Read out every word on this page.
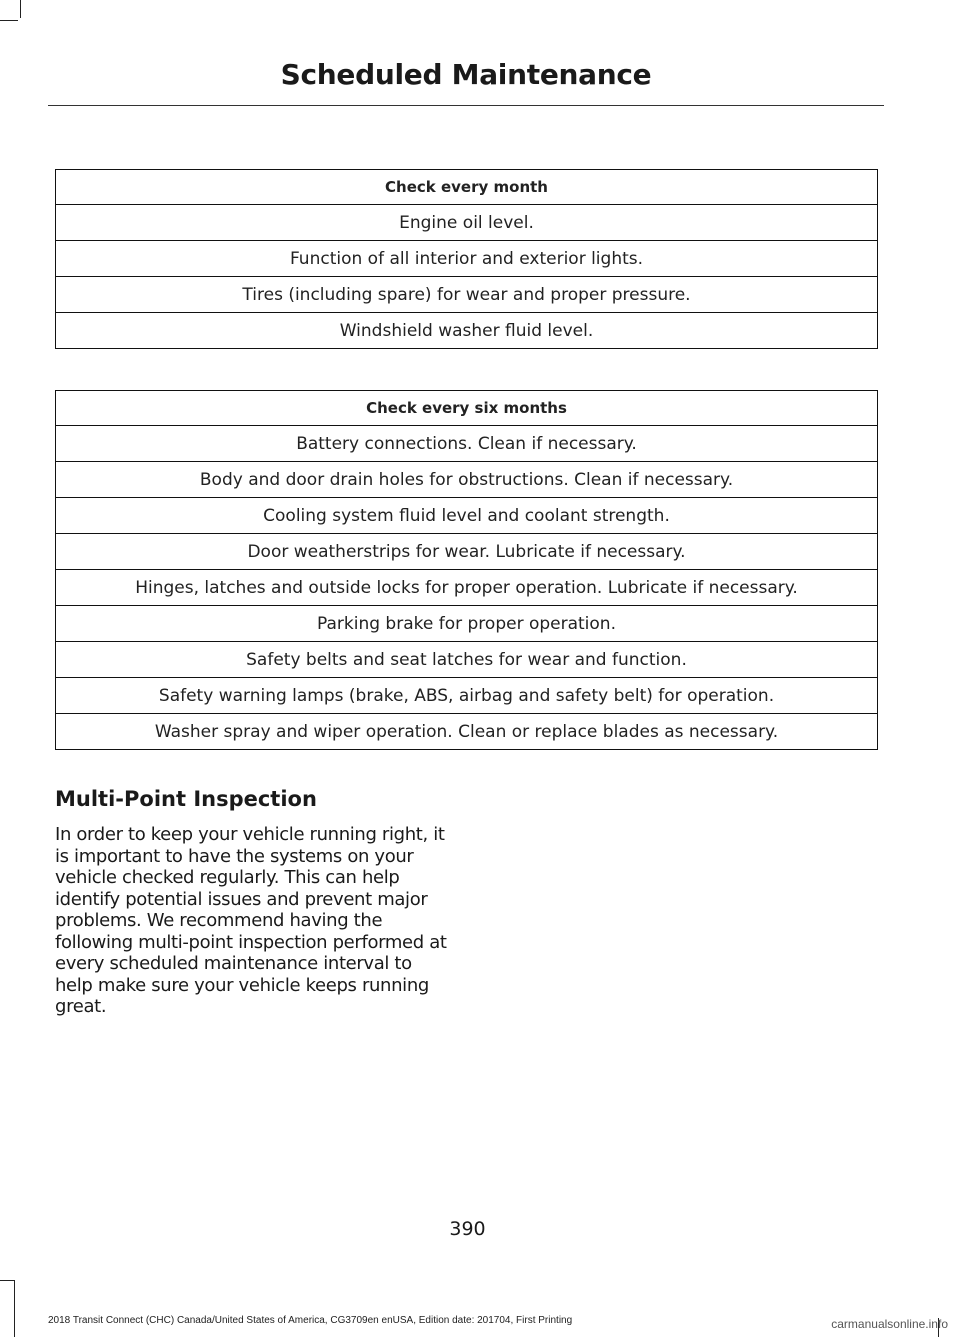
Scheduled Maintenance
Check every month
Engine oil level.
Function of all interior and exterior lights.
Tires (including spare) for wear and proper pressure.
Windshield washer fluid level.
Check every six months
Battery connections. Clean if necessary.
Body and door drain holes for obstructions. Clean if necessary.
Cooling system fluid level and coolant strength.
Door weatherstrips for wear. Lubricate if necessary.
Hinges, latches and outside locks for proper operation. Lubricate if necessary.
Parking brake for proper operation.
Safety belts and seat latches for wear and function.
Safety warning lamps (brake, ABS, airbag and safety belt) for operation.
Washer spray and wiper operation. Clean or replace blades as necessary.
Multi-Point Inspection

In order to keep your vehicle running right, it is important to have the systems on your vehicle checked regularly. This can help identify potential issues and prevent major problems. We recommend having the following multi-point inspection performed at every scheduled maintenance interval to help make sure your vehicle keeps running great.

390
2018 Transit Connect (CHC) Canada/United States of America, CG3709en enUSA, Edition date: 201704, First Printing	carmanualsonline.info
